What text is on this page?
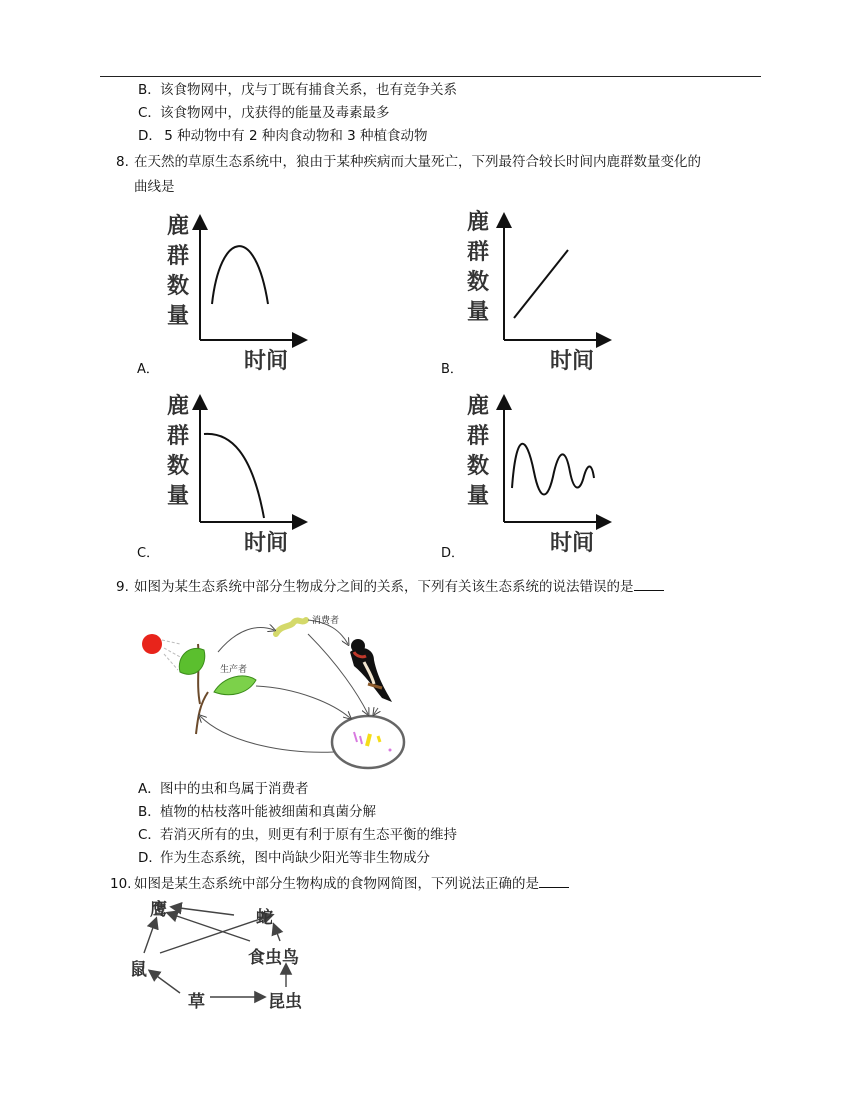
B．该食物网中，戊与丁既有捕食关系，也有竞争关系
C．该食物网中，戊获得的能量及毒素最多
D． 5 种动物中有 2 种肉食动物和 3 种植食动物
8. 在天然的草原生态系统中，狼由于某种疾病而大量死亡，下列最符合较长时间内鹿群数量变化的
曲线是
鹿
群
数
量
时间
A．
鹿
群
数
量
时间
B．
鹿
群
数
量
时间
C．
鹿
群
数
量
时间
D．
9. 如图为某生态系统中部分生物成分之间的关系，下列有关该生态系统的说法错误的是
消费者
生产者
A．图中的虫和鸟属于消费者
B．植物的枯枝落叶能被细菌和真菌分解
C．若消灭所有的虫，则更有利于原有生态平衡的维持
D．作为生态系统，图中尚缺少阳光等非生物成分
10. 如图是某生态系统中部分生物构成的食物网简图，下列说法正确的是
鹰	蛇
鼠
食虫鸟
草	昆虫
